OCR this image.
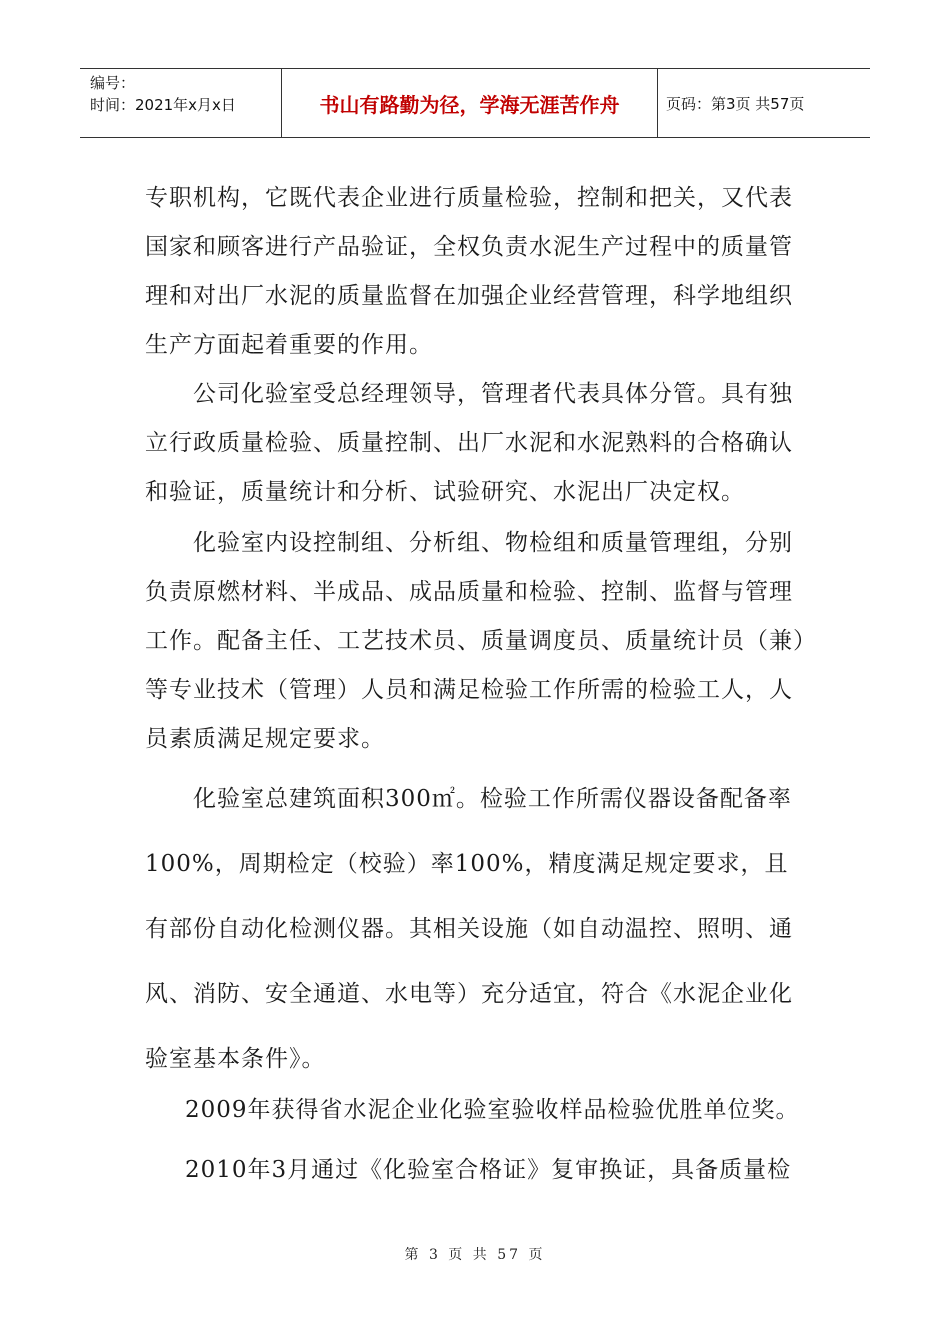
编号：
时间：2021年x月x日	书山有路勤为径，学海无涯苦作舟	页码：第3页 共57页

专职机构，它既代表企业进行质量检验，控制和把关，又代表国家和顾客进行产品验证，全权负责水泥生产过程中的质量管理和对出厂水泥的质量监督在加强企业经营管理，科学地组织生产方面起着重要的作用。

公司化验室受总经理领导，管理者代表具体分管。具有独立行政质量检验、质量控制、出厂水泥和水泥熟料的合格确认和验证，质量统计和分析、试验研究、水泥出厂决定权。

化验室内设控制组、分析组、物检组和质量管理组，分别负责原燃材料、半成品、成品质量和检验、控制、监督与管理工作。配备主任、工艺技术员、质量调度员、质量统计员（兼）等专业技术（管理）人员和满足检验工作所需的检验工人，人员素质满足规定要求。

化验室总建筑面积300㎡。检验工作所需仪器设备配备率100%，周期检定（校验）率100%，精度满足规定要求，且有部份自动化检测仪器。其相关设施（如自动温控、照明、通风、消防、安全通道、水电等）充分适宜，符合《水泥企业化验室基本条件》。

2009年获得省水泥企业化验室验收样品检验优胜单位奖。

2010年3月通过《化验室合格证》复审换证，具备质量检

第 3 页 共 57 页
